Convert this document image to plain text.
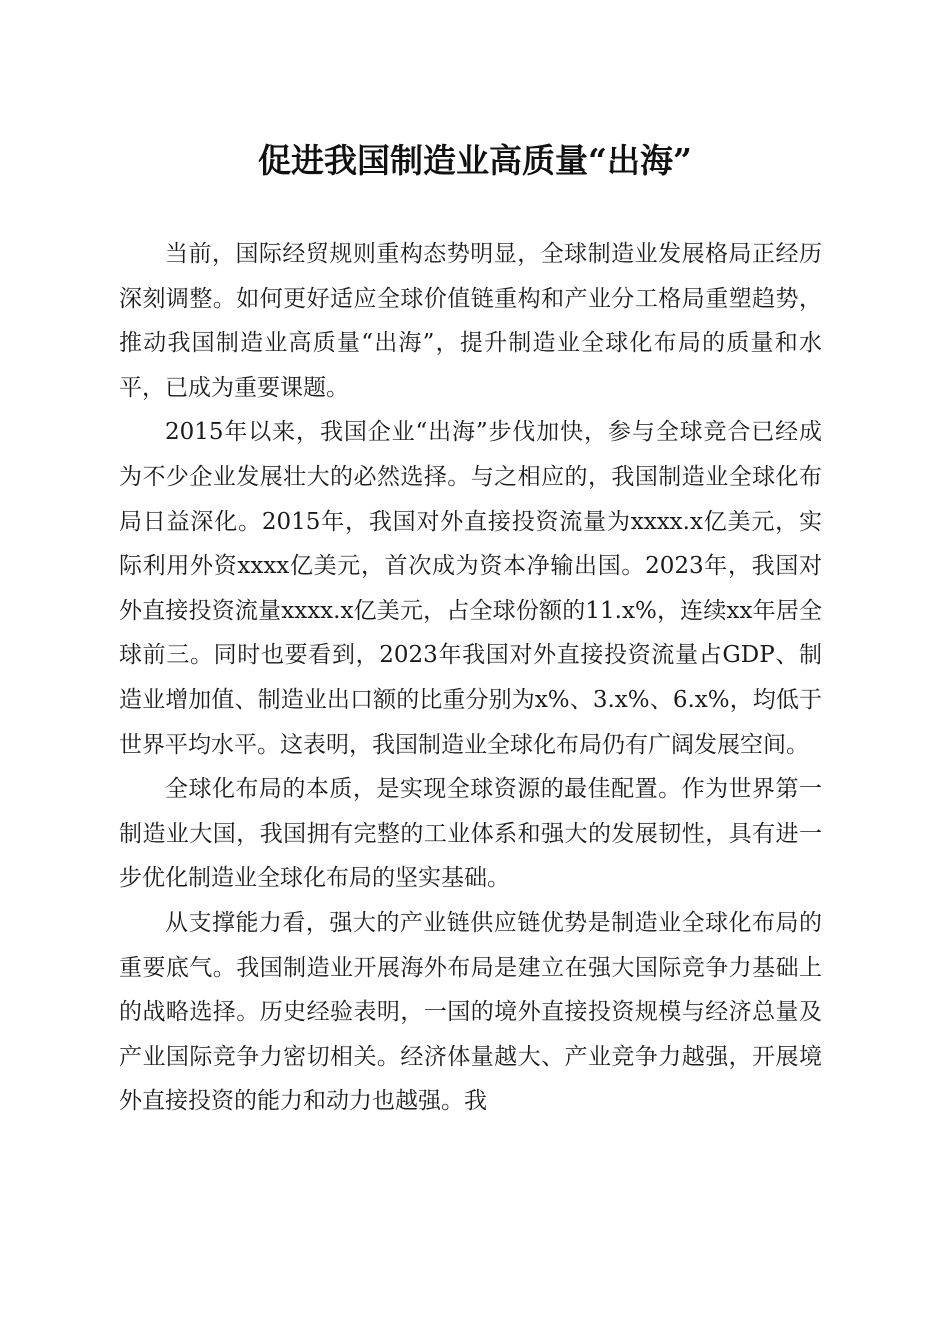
促进我国制造业高质量“出海”

当前，国际经贸规则重构态势明显，全球制造业发展格局正经历深刻调整。如何更好适应全球价值链重构和产业分工格局重塑趋势，推动我国制造业高质量“出海”，提升制造业全球化布局的质量和水平，已成为重要课题。

2015年以来，我国企业“出海”步伐加快，参与全球竞合已经成为不少企业发展壮大的必然选择。与之相应的，我国制造业全球化布局日益深化。2015年，我国对外直接投资流量为xxxx.x亿美元，实际利用外资xxxx亿美元，首次成为资本净输出国。2023年，我国对外直接投资流量xxxx.x亿美元，占全球份额的11.x%，连续xx年居全球前三。同时也要看到，2023年我国对外直接投资流量占GDP、制造业增加值、制造业出口额的比重分别为x%、3.x%、6.x%，均低于世界平均水平。这表明，我国制造业全球化布局仍有广阔发展空间。

全球化布局的本质，是实现全球资源的最佳配置。作为世界第一制造业大国，我国拥有完整的工业体系和强大的发展韧性，具有进一步优化制造业全球化布局的坚实基础。

从支撑能力看，强大的产业链供应链优势是制造业全球化布局的重要底气。我国制造业开展海外布局是建立在强大国际竞争力基础上的战略选择。历史经验表明，一国的境外直接投资规模与经济总量及产业国际竞争力密切相关。经济体量越大、产业竞争力越强，开展境外直接投资的能力和动力也越强。我
